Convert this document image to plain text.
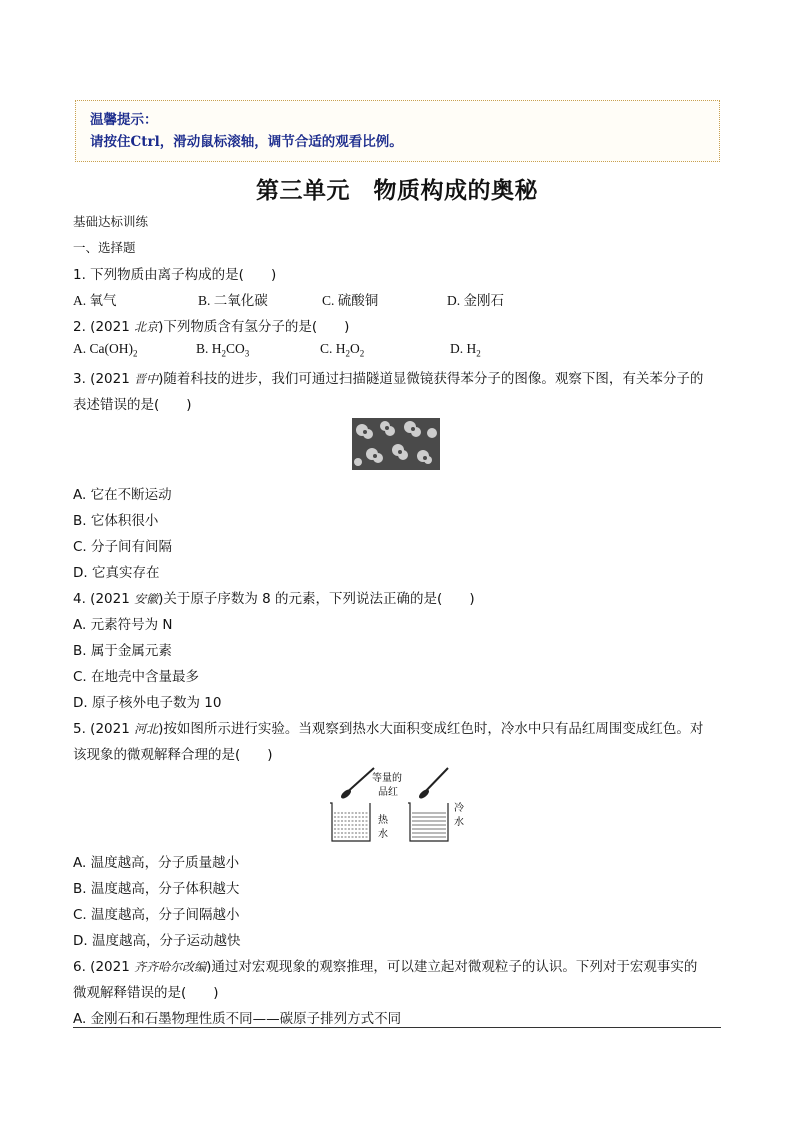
温馨提示：
请按住Ctrl，滑动鼠标滚轴，调节合适的观看比例。
第三单元　物质构成的奥秘
基础达标训练
一、选择题
1. 下列物质由离子构成的是(　　)
A. 氧气	B. 二氧化碳	C. 硫酸铜	D. 金刚石
2. (2021 北京)下列物质含有氢分子的是(　　)
A. $Ca(OH)_2$	B. $H_2CO_3$	C. $H_2O_2$	D. $H_2$
3. (2021 晋中)随着科技的进步，我们可通过扫描隧道显微镜获得苯分子的图像。观察下图，有关苯分子的
表述错误的是(　　)
A. 它在不断运动
B. 它体积很小
C. 分子间有间隔
D. 它真实存在
4. (2021 安徽)关于原子序数为 8 的元素，下列说法正确的是(　　)
A. 元素符号为 N
B. 属于金属元素
C. 在地壳中含量最多
D. 原子核外电子数为 10
5. (2021 河北)按如图所示进行实验。当观察到热水大面积变成红色时，冷水中只有品红周围变成红色。对
该现象的微观解释合理的是(　　)
等量的
品红
热
水
冷
水
A. 温度越高，分子质量越小
B. 温度越高，分子体积越大
C. 温度越高，分子间隔越小
D. 温度越高，分子运动越快
6. (2021 齐齐哈尔改编)通过对宏观现象的观察推理，可以建立起对微观粒子的认识。下列对于宏观事实的
微观解释错误的是(　　)
A. 金刚石和石墨物理性质不同——碳原子排列方式不同
